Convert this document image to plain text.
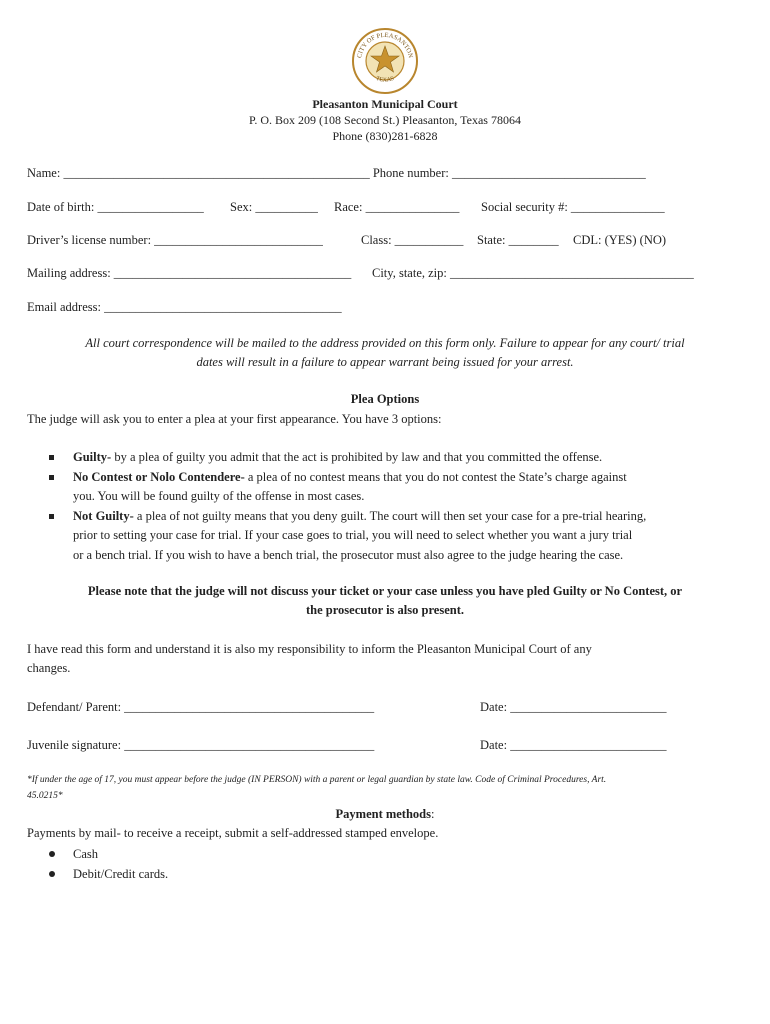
CITY OF PLEASANTON
TEXAS
Pleasanton Municipal Court
P. O. Box 209 (108 Second St.) Pleasanton, Texas 78064
Phone (830)281-6828
Name: _________________________________________________ Phone number: _______________________________
Date of birth: _________________ Sex: __________ Race: _______________ Social security #: _______________
Driver’s license number: ___________________________	Class: ___________ State: ________ CDL: (YES) (NO)
Mailing address: ______________________________________ City, state, zip: _______________________________________
Email address: ______________________________________
All court correspondence will be mailed to the address provided on this form only. Failure to appear for any court/ trial
dates will result in a failure to appear warrant being issued for your arrest.
Plea Options
The judge will ask you to enter a plea at your first appearance. You have 3 options:
Guilty- by a plea of guilty you admit that the act is prohibited by law and that you committed the offense.
No Contest or Nolo Contendere- a plea of no contest means that you do not contest the State’s charge against
you. You will be found guilty of the offense in most cases.
Not Guilty- a plea of not guilty means that you deny guilt. The court will then set your case for a pre-trial hearing,
prior to setting your case for trial. If your case goes to trial, you will need to select whether you want a jury trial
or a bench trial. If you wish to have a bench trial, the prosecutor must also agree to the judge hearing the case.
Please note that the judge will not discuss your ticket or your case unless you have pled Guilty or No Contest, or
the prosecutor is also present.
I have read this form and understand it is also my responsibility to inform the Pleasanton Municipal Court of any
changes.
Defendant/ Parent: ________________________________________	Date: _________________________
Juvenile signature: ________________________________________	Date: _________________________
*If under the age of 17, you must appear before the judge (IN PERSON) with a parent or legal guardian by state law. Code of Criminal Procedures, Art.
45.0215*
Payment methods:
Payments by mail- to receive a receipt, submit a self-addressed stamped envelope.
Cash
Debit/Credit cards.
